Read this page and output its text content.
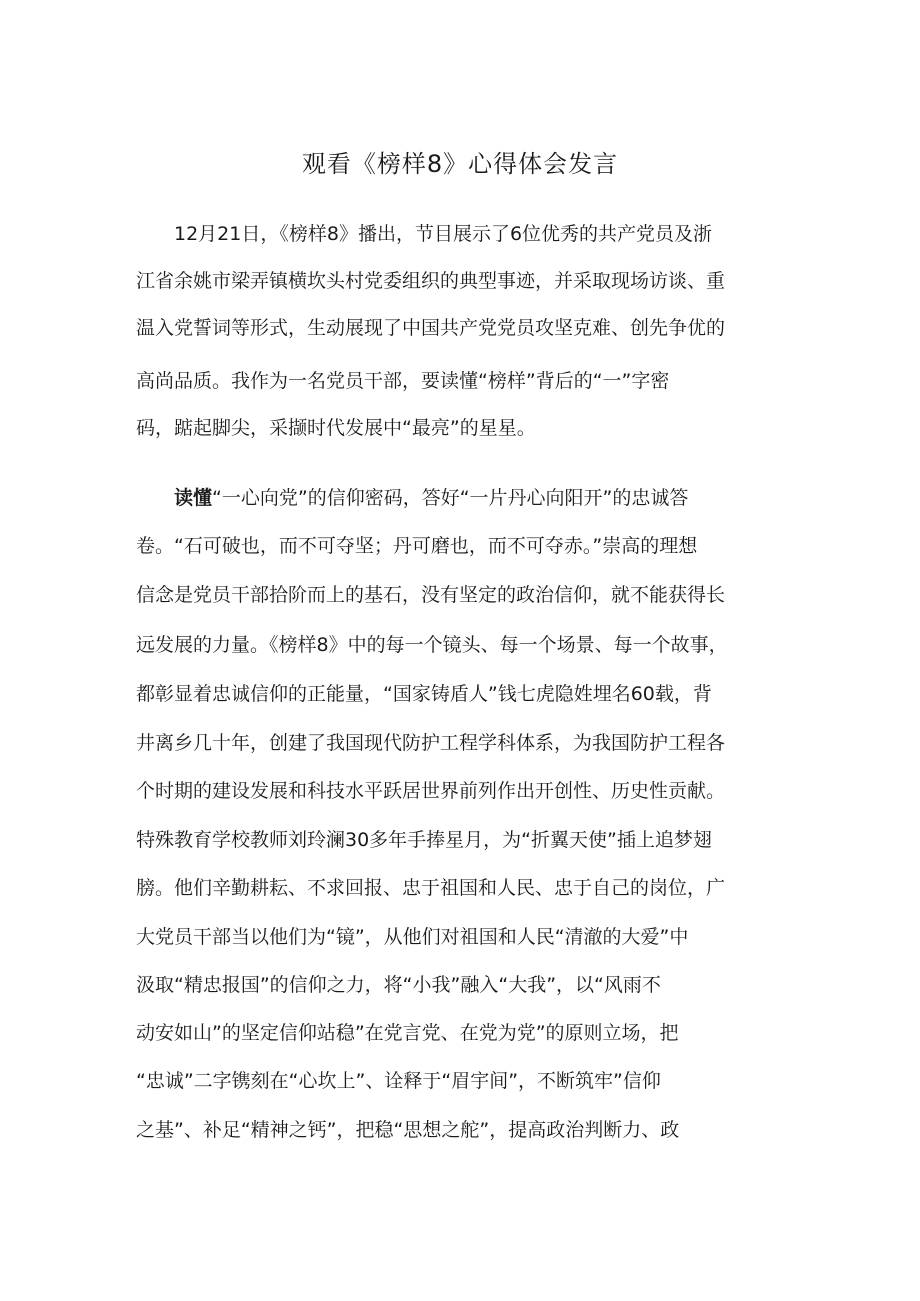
观看《榜样8》心得体会发言

12月21日，《榜样8》播出，节目展示了6位优秀的共产党员及浙

江省余姚市梁弄镇横坎头村党委组织的典型事迹，并采取现场访谈、重

温入党誓词等形式，生动展现了中国共产党党员攻坚克难、创先争优的

高尚品质。我作为一名党员干部，要读懂“榜样”背后的“一”字密

码，踮起脚尖，采撷时代发展中“最亮”的星星。

读懂“一心向党”的信仰密码，答好“一片丹心向阳开”的忠诚答

卷。“石可破也，而不可夺坚；丹可磨也，而不可夺赤。”崇高的理想

信念是党员干部拾阶而上的基石，没有坚定的政治信仰，就不能获得长

远发展的力量。《榜样8》中的每一个镜头、每一个场景、每一个故事，

都彰显着忠诚信仰的正能量，“国家铸盾人”钱七虎隐姓埋名60载，背

井离乡几十年，创建了我国现代防护工程学科体系，为我国防护工程各

个时期的建设发展和科技水平跃居世界前列作出开创性、历史性贡献。

特殊教育学校教师刘玲澜30多年手捧星月，为“折翼天使”插上追梦翅

膀。他们辛勤耕耘、不求回报、忠于祖国和人民、忠于自己的岗位，广

大党员干部当以他们为“镜”，从他们对祖国和人民“清澈的大爱”中

汲取“精忠报国”的信仰之力，将“小我”融入“大我”，以“风雨不

动安如山”的坚定信仰站稳”在党言党、在党为党”的原则立场，把

“忠诚”二字镌刻在“心坎上”、诠释于“眉宇间”，不断筑牢”信仰

之基”、补足“精神之钙”，把稳“思想之舵”，提高政治判断力、政
